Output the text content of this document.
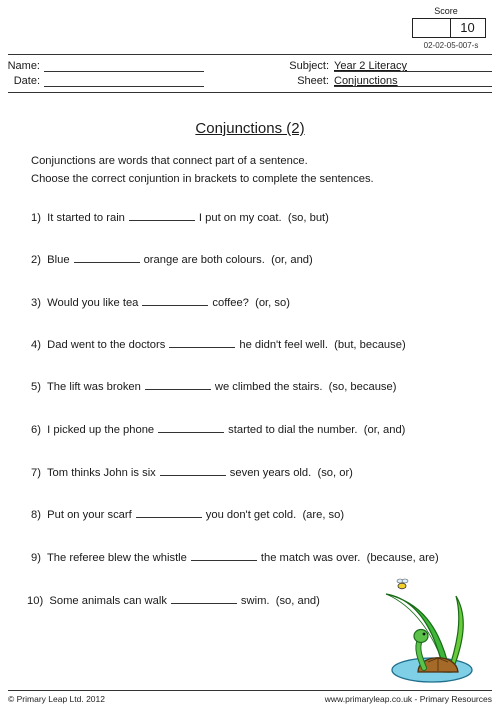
Score
10
02-02-05-007-s
Name:
Date:
Subject: Year 2 Literacy
Sheet: Conjunctions
Conjunctions (2)
Conjunctions are words that connect part of a sentence.
Choose the correct conjuntion in brackets to complete the sentences.
1) It started to rain	I put on my coat. (so, but)
2) Blue	orange are both colours. (or, and)
3) Would you like tea	coffee? (or, so)
4) Dad went to the doctors	he didn't feel well. (but, because)
5) The lift was broken	we climbed the stairs. (so, because)
6) I picked up the phone	started to dial the number. (or, and)
7) Tom thinks John is six	seven years old. (so, or)
8) Put on your scarf	you don't get cold. (are, so)
9) The referee blew the whistle	the match was over. (because, are)
10) Some animals can walk	swim. (so, and)
© Primary Leap Ltd. 2012	www.primaryleap.co.uk - Primary Resources
